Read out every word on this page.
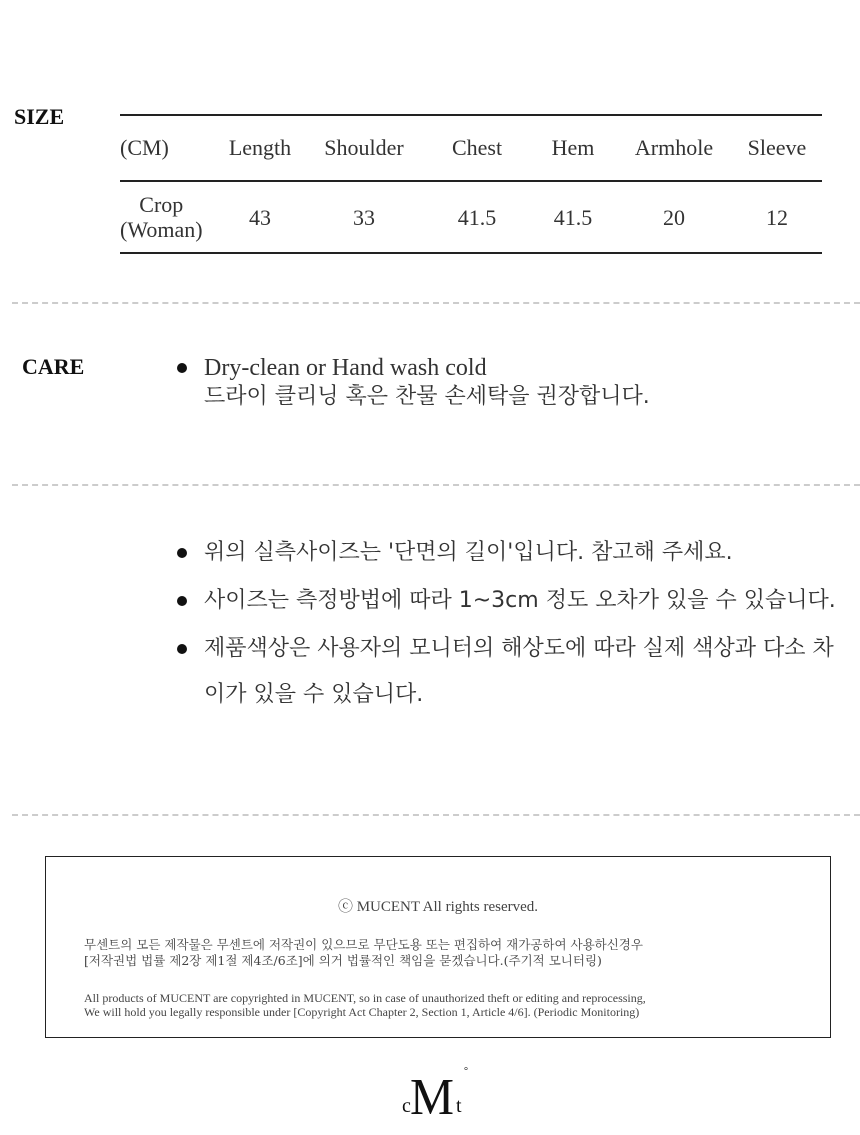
SIZE
(CM)	Length	Shoulder	Chest	Hem	Armhole	Sleeve
Crop
(Woman)	43	33	41.5	41.5	20	12
CARE	Dry-clean or Hand wash cold
드라이 클리닝 혹은 찬물 손세탁을 권장합니다.
위의 실측사이즈는 '단면의 길이'입니다. 참고해 주세요.
사이즈는 측정방법에 따라 1~3cm 정도 오차가 있을 수 있습니다.
제품색상은 사용자의 모니터의 해상도에 따라 실제 색상과 다소 차이가 있을 수 있습니다.
ⓒ MUCENT All rights reserved.
무센트의 모든 제작물은 무센트에 저작권이 있으므로 무단도용 또는 편집하여 재가공하여 사용하신경우
[저작권법 법률 제2장 제1절 제4조/6조]에 의거 법률적인 책임을 묻겠습니다.(주기적 모니터링)
All products of MUCENT are copyrighted in MUCENT, so in case of unauthorized theft or editing and reprocessing,
We will hold you legally responsible under [Copyright Act Chapter 2, Section 1, Article 4/6]. (Periodic Monitoring)
c M t
°
